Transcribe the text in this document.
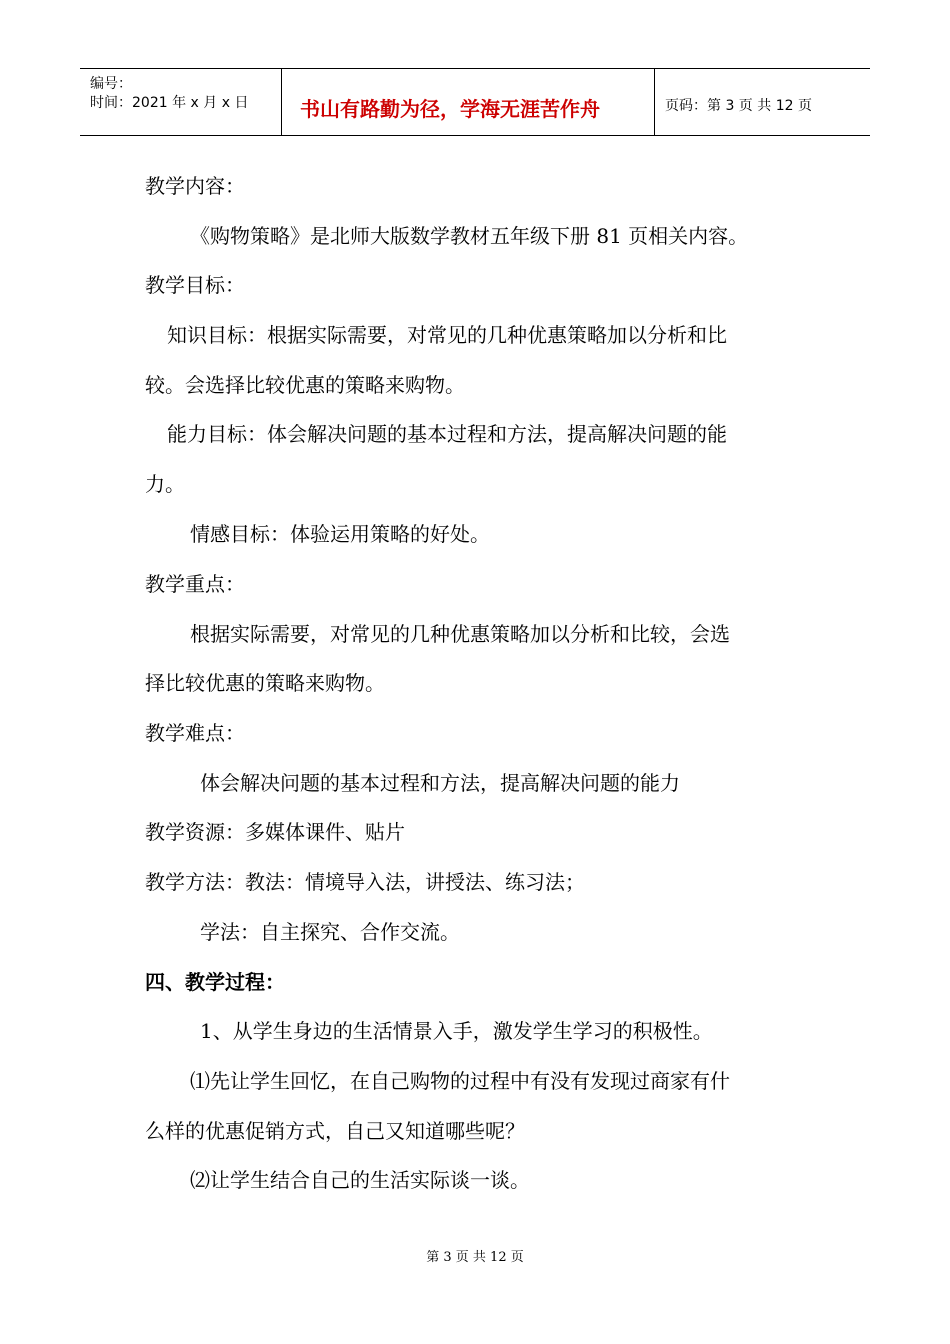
编号：
时间：2021 年 x 月 x 日	书山有路勤为径，学海无涯苦作舟	页码：第 3 页 共 12 页
教学内容：
《购物策略》是北师大版数学教材五年级下册 81 页相关内容。
教学目标：
知识目标：根据实际需要，对常见的几种优惠策略加以分析和比
较。会选择比较优惠的策略来购物。
能力目标：体会解决问题的基本过程和方法，提高解决问题的能
力。
情感目标：体验运用策略的好处。
教学重点：
根据实际需要，对常见的几种优惠策略加以分析和比较，会选
择比较优惠的策略来购物。
教学难点：
体会解决问题的基本过程和方法，提高解决问题的能力
教学资源：多媒体课件、贴片
教学方法：教法：情境导入法，讲授法、练习法；
学法：自主探究、合作交流。
四、教学过程：
1、从学生身边的生活情景入手，激发学生学习的积极性。
⑴先让学生回忆，在自己购物的过程中有没有发现过商家有什
么样的优惠促销方式，自己又知道哪些呢？
⑵让学生结合自己的生活实际谈一谈。
第 3 页 共 12 页
